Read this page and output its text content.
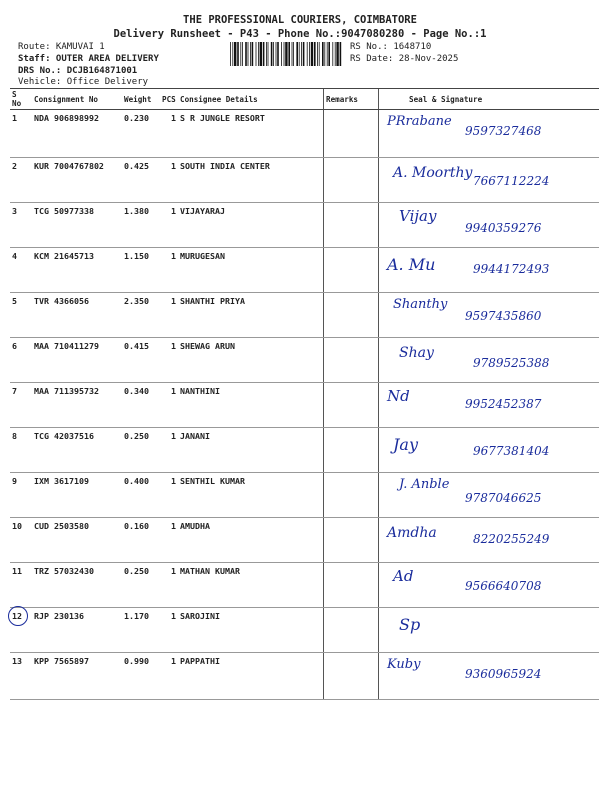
THE PROFESSIONAL COURIERS, COIMBATORE
Delivery Runsheet - P43 - Phone No.:9047080280 - Page No.:1
Route: KAMUVAI 1
Staff: OUTER AREA DELIVERY
DRS No.: DCJB164871001
Vehicle: Office Delivery
RS No.: 1648710
RS Date: 28-Nov-2025
S No	Consignment No	Weight	PCS	Consignee Details	Remarks	Seal & Signature
1	NDA 906898992	0.230	1	S R JUNGLE RESORT		PRrabane
9597327468

2	KUR 7004767802	0.425	1	SOUTH INDIA CENTER		A. Moorthy 7667112224

3	TCG 50977338	1.380	1	VIJAYARAJ		Vijay
9940359276

4	KCM 21645713	1.150	1	MURUGESAN		A. Mu 9944172493

5	TVR 4366056	2.350	1	SHANTHI PRIYA		Shanthy
9597435860

6	MAA 710411279	0.415	1	SHEWAG ARUN		Shay
9789525388

7	MAA 711395732	0.340	1	NANTHINI		Nd 9952452387

8	TCG 42037516	0.250	1	JANANI		Jay 9677381404

9	IXM 3617109	0.400	1	SENTHIL KUMAR		J. Anble
9787046625

10	CUD 2503580	0.160	1	AMUDHA		Amdha 8220255249

11	TRZ 57032430	0.250	1	MATHAN KUMAR		Ad
9566640708

12	RJP 230136	1.170	1	SAROJINI		Sp

13	KPP 7565897	0.990	1	PAPPATHI		Kuby
9360965924
